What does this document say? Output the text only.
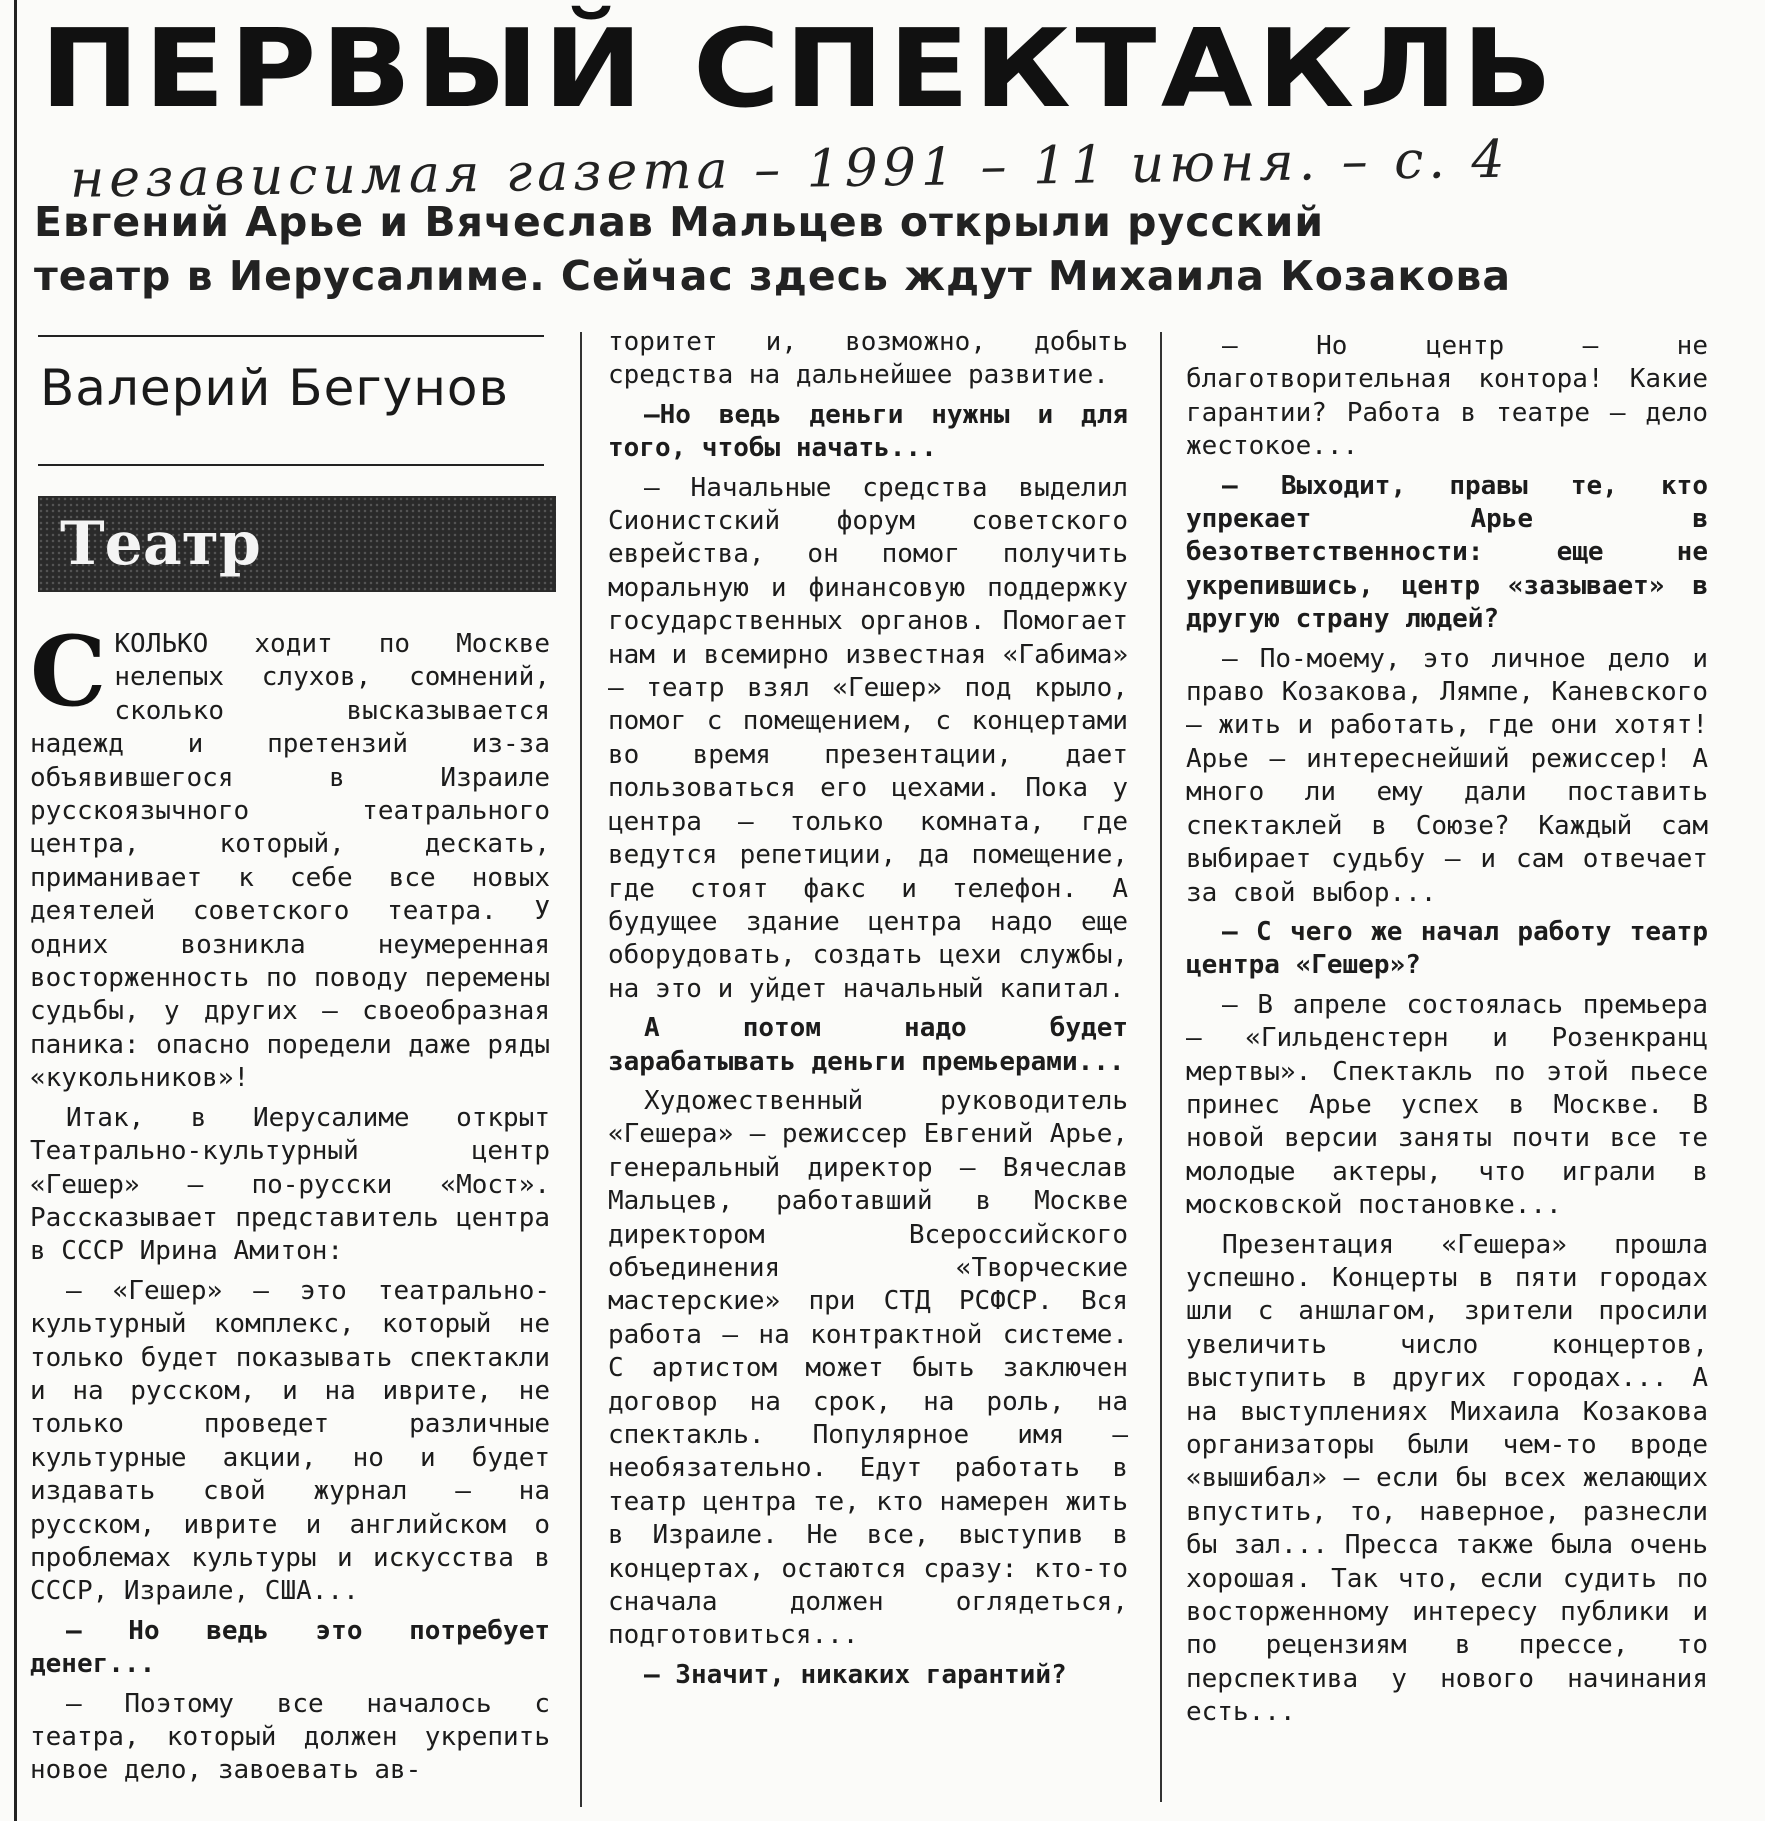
ПЕРВЫЙ СПЕКТАКЛЬ
независимая газета – 1991 – 11 июня. – с. 4
Евгений Арье и Вячеслав Мальцев открыли русский
театр в Иерусалиме. Сейчас здесь ждут Михаила Козакова
Валерий Бегунов
Театр

СКОЛЬКО ходит по Москве нелепых слухов, сомнений, сколько высказывается надежд и претензий из-за объявившегося в Израиле русскоязычного театрального центра, который, дескать, приманивает к себе все новых деятелей советского театра. У одних возникла неумеренная восторженность по поводу перемены судьбы, у других — своеобразная паника: опасно поредели даже ряды «кукольников»!

Итак, в Иерусалиме открыт Театрально-культурный центр «Гешер» — по-русски «Мост». Рассказывает представитель центра в СССР Ирина Амитон:

— «Гешер» — это театрально-культурный комплекс, который не только будет показывать спектакли и на русском, и на иврите, не только проведет различные культурные акции, но и будет издавать свой журнал — на русском, иврите и английском о проблемах культуры и искусства в СССР, Израиле, США...

— Но ведь это потребует денег...

— Поэтому все началось с театра, который должен укрепить новое дело, завоевать ав-

торитет и, возможно, добыть средства на дальнейшее развитие.

—Но ведь деньги нужны и для того, чтобы начать...

— Начальные средства выделил Сионистский форум советского еврейства, он помог получить моральную и финансовую поддержку государственных органов. Помогает нам и всемирно известная «Габима» — театр взял «Гешер» под крыло, помог с помещением, с концертами во время презентации, дает пользоваться его цехами. Пока у центра — только комната, где ведутся репетиции, да помещение, где стоят факс и телефон. А будущее здание центра надо еще оборудовать, создать цехи службы, на это и уйдет начальный капитал.

А потом надо будет зарабатывать деньги премьерами...

Художественный руководитель «Гешера» — режиссер Евгений Арье, генеральный директор — Вячеслав Мальцев, работавший в Москве директором Всероссийского объединения «Творческие мастерские» при СТД РСФСР. Вся работа — на контрактной системе. С артистом может быть заключен договор на срок, на роль, на спектакль. Популярное имя — необязательно. Едут работать в театр центра те, кто намерен жить в Израиле. Не все, выступив в концертах, остаются сразу: кто-то сначала должен оглядеться, подготовиться...

— Значит, никаких гарантий?

— Но центр — не благотворительная контора! Какие гарантии? Работа в театре — дело жестокое...

— Выходит, правы те, кто упрекает Арье в безответственности: еще не укрепившись, центр «зазывает» в другую страну людей?

— По-моему, это личное дело и право Козакова, Лямпе, Каневского — жить и работать, где они хотят! Арье — интереснейший режиссер! А много ли ему дали поставить спектаклей в Союзе? Каждый сам выбирает судьбу — и сам отвечает за свой выбор...

— С чего же начал работу театр центра «Гешер»?

— В апреле состоялась премьера — «Гильденстерн и Розенкранц мертвы». Спектакль по этой пьесе принес Арье успех в Москве. В новой версии заняты почти все те молодые актеры, что играли в московской постановке...

Презентация «Гешера» прошла успешно. Концерты в пяти городах шли с аншлагом, зрители просили увеличить число концертов, выступить в других городах... А на выступлениях Михаила Козакова организаторы были чем-то вроде «вышибал» — если бы всех желающих впустить, то, наверное, разнесли бы зал... Пресса также была очень хорошая. Так что, если судить по восторженному интересу публики и по рецензиям в прессе, то перспектива у нового начинания есть...
